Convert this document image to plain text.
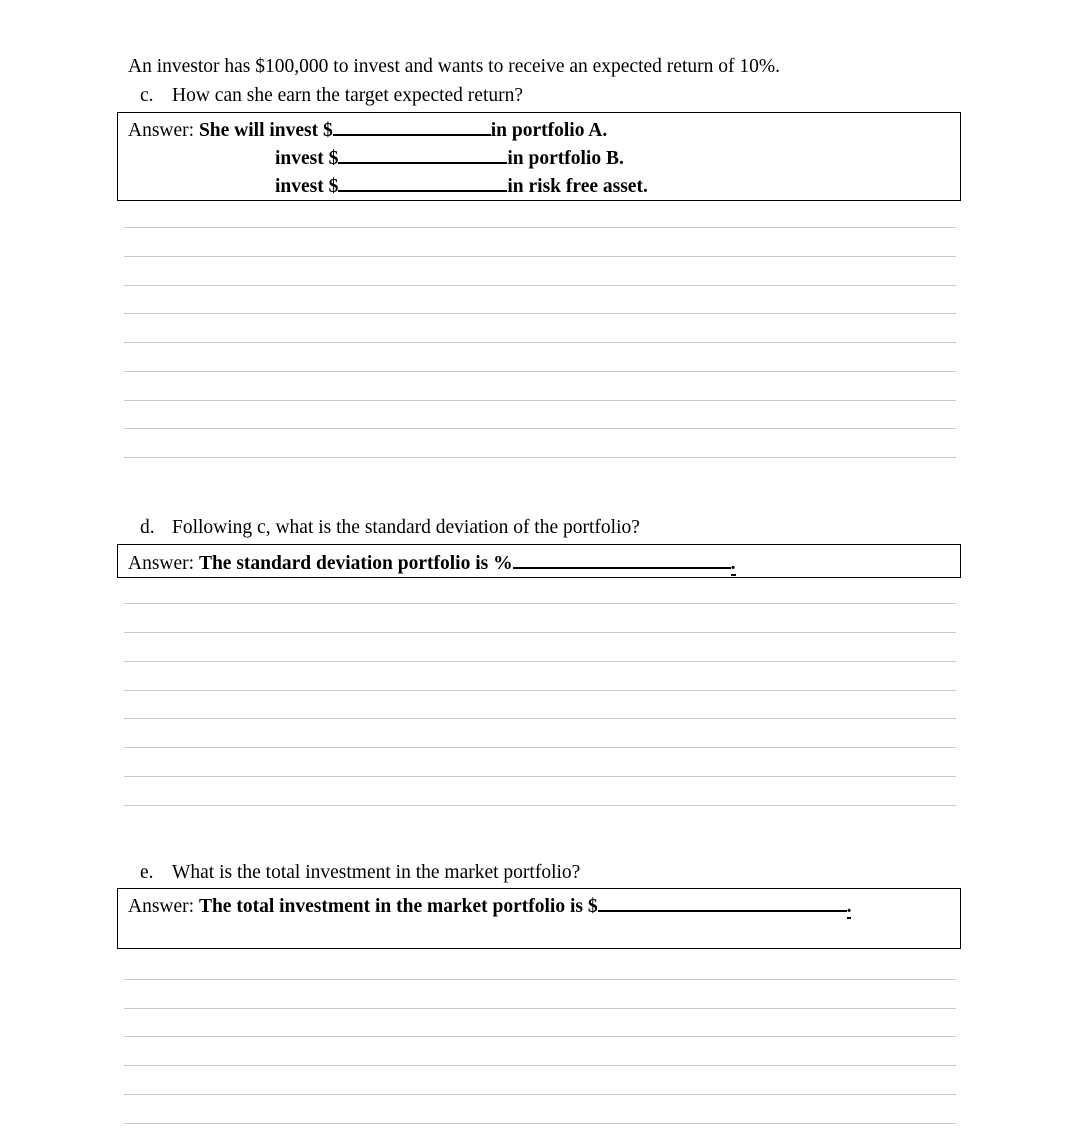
An investor has $100,000 to invest and wants to receive an expected return of 10%.
c. How can she earn the target expected return?
Answer: She will invest $	in portfolio A.
invest $	in portfolio B.
invest $	in risk free asset.
d. Following c, what is the standard deviation of the portfolio?
Answer: The standard deviation portfolio is %	.
e. What is the total investment in the market portfolio?
Answer: The total investment in the market portfolio is $	.
